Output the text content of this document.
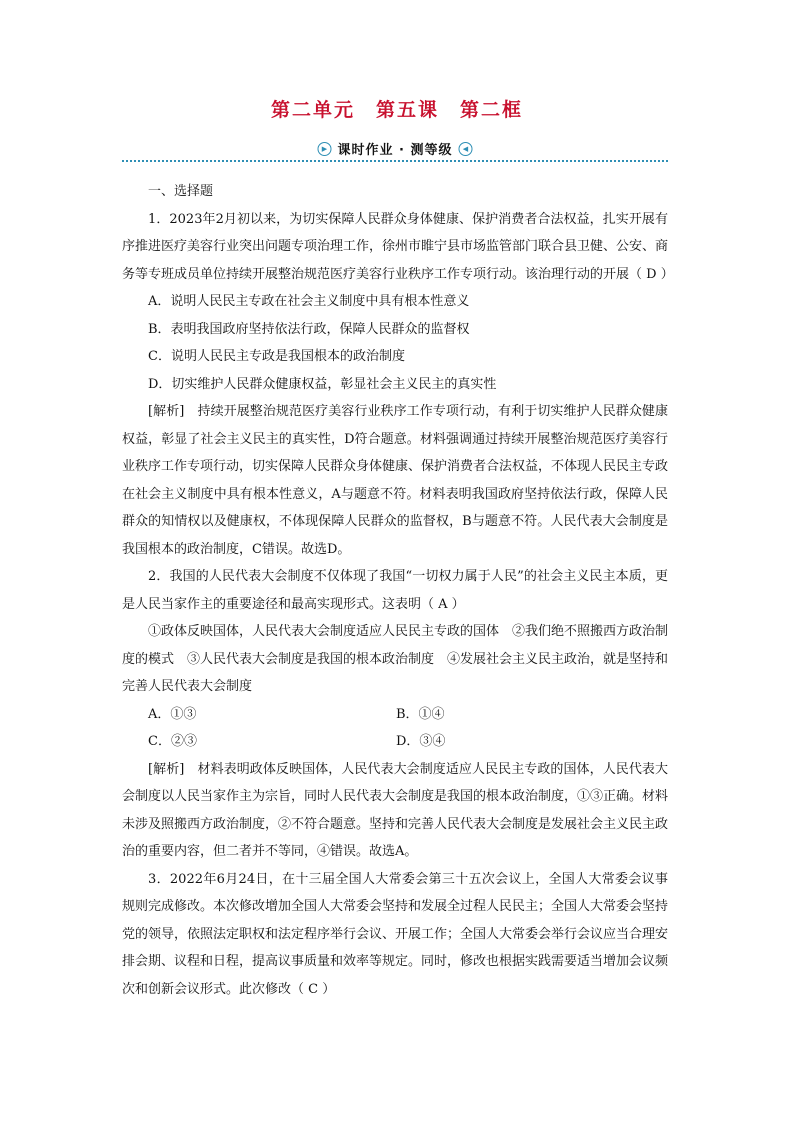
第二单元　第五课　第二框
▶ 课时作业 · 测等级	◀

一、选择题

1．2023年2月初以来，为切实保障人民群众身体健康、保护消费者合法权益，扎实开展有序推进医疗美容行业突出问题专项治理工作，徐州市睢宁县市场监管部门联合县卫健、公安、商务等专班成员单位持续开展整治规范医疗美容行业秩序工作专项行动。该治理行动的开展（ D ）

A．说明人民民主专政在社会主义制度中具有根本性意义

B．表明我国政府坚持依法行政，保障人民群众的监督权

C．说明人民民主专政是我国根本的政治制度

D．切实维护人民群众健康权益，彰显社会主义民主的真实性

[解析]　持续开展整治规范医疗美容行业秩序工作专项行动，有利于切实维护人民群众健康权益，彰显了社会主义民主的真实性，D符合题意。材料强调通过持续开展整治规范医疗美容行业秩序工作专项行动，切实保障人民群众身体健康、保护消费者合法权益，不体现人民民主专政在社会主义制度中具有根本性意义，A与题意不符。材料表明我国政府坚持依法行政，保障人民群众的知情权以及健康权，不体现保障人民群众的监督权，B与题意不符。人民代表大会制度是我国根本的政治制度，C错误。故选D。

2．我国的人民代表大会制度不仅体现了我国“一切权力属于人民”的社会主义民主本质，更是人民当家作主的重要途径和最高实现形式。这表明（ A ）

①政体反映国体，人民代表大会制度适应人民民主专政的国体　②我们绝不照搬西方政治制度的模式　③人民代表大会制度是我国的根本政治制度　④发展社会主义民主政治，就是坚持和完善人民代表大会制度

A．①③	B．①④
C．②③	D．③④

[解析]　材料表明政体反映国体，人民代表大会制度适应人民民主专政的国体，人民代表大会制度以人民当家作主为宗旨，同时人民代表大会制度是我国的根本政治制度，①③正确。材料未涉及照搬西方政治制度，②不符合题意。坚持和完善人民代表大会制度是发展社会主义民主政治的重要内容，但二者并不等同，④错误。故选A。

3．2022年6月24日，在十三届全国人大常委会第三十五次会议上，全国人大常委会议事规则完成修改。本次修改增加全国人大常委会坚持和发展全过程人民民主；全国人大常委会坚持党的领导，依照法定职权和法定程序举行会议、开展工作；全国人大常委会举行会议应当合理安排会期、议程和日程，提高议事质量和效率等规定。同时，修改也根据实践需要适当增加会议频次和创新会议形式。此次修改（ C ）
